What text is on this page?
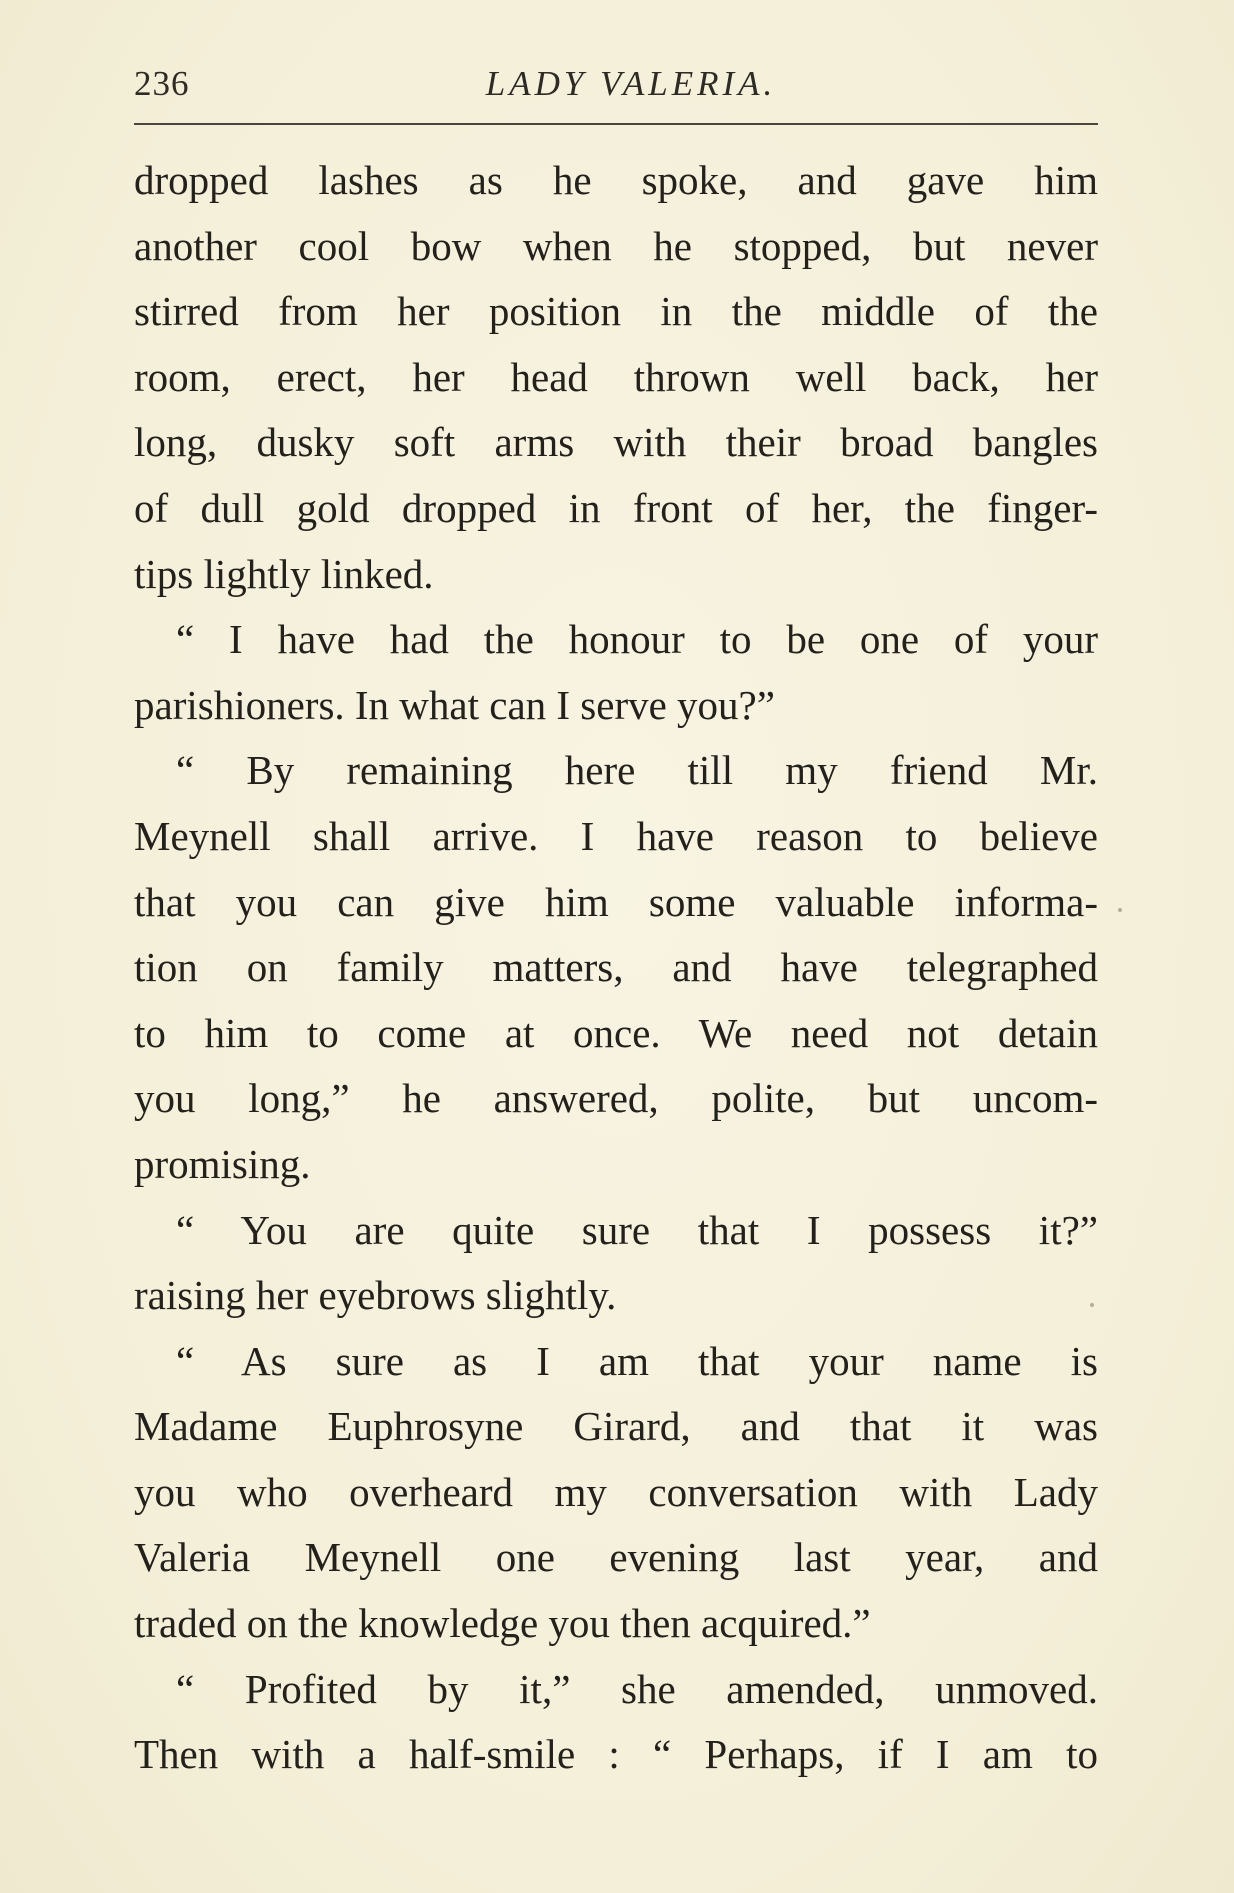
236	LADY VALERIA.
dropped lashes as he spoke, and gave him
another cool bow when he stopped, but never
stirred from her position in the middle of the
room, erect, her head thrown well back, her
long, dusky soft arms with their broad bangles
of dull gold dropped in front of her, the finger-
tips lightly linked.
“ I have had the honour to be one of your
parishioners. In what can I serve you?”
“ By remaining here till my friend Mr.
Meynell shall arrive. I have reason to believe
that you can give him some valuable informa-
tion on family matters, and have telegraphed
to him to come at once. We need not detain
you long,” he answered, polite, but uncom-
promising.
“ You are quite sure that I possess it?”
raising her eyebrows slightly.
“ As sure as I am that your name is
Madame Euphrosyne Girard, and that it was
you who overheard my conversation with Lady
Valeria Meynell one evening last year, and
traded on the knowledge you then acquired.”
“ Profited by it,” she amended, unmoved.
Then with a half-smile : “ Perhaps, if I am to
